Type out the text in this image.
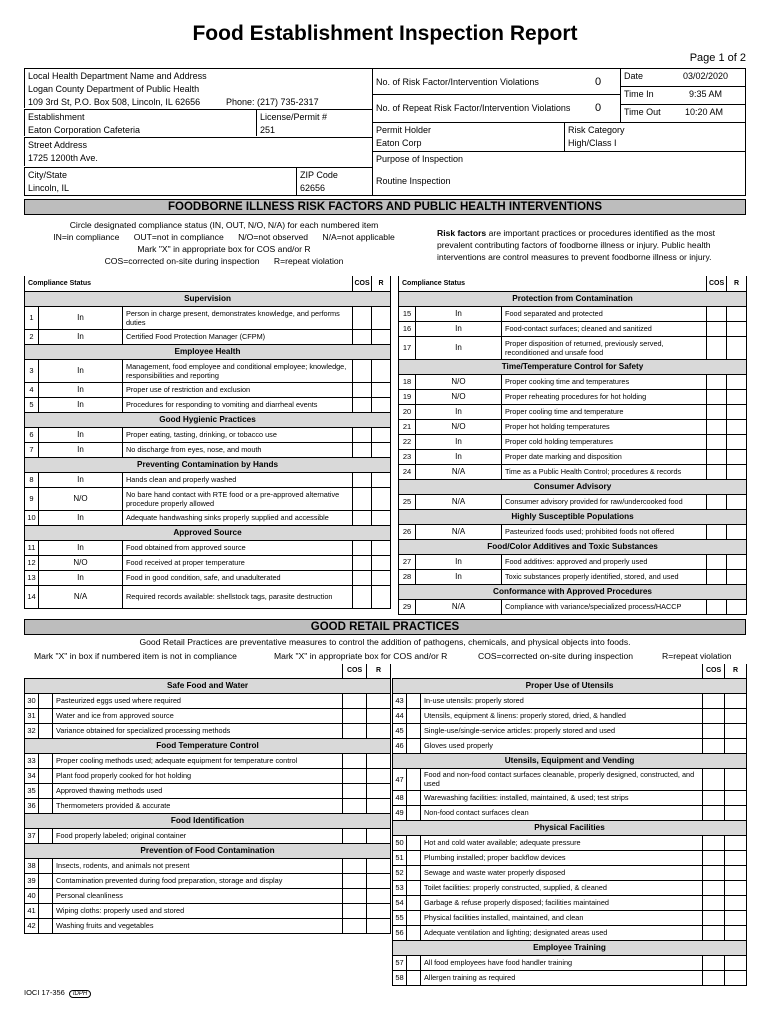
Food Establishment Inspection Report
Page 1 of 2
Local Health Department Name and Address
Logan County Department of Public Health
109 3rd St, P.O. Box 508, Lincoln, IL 62656	Phone: (217) 735-2317
Establishment
Eaton Corporation Cafeteria
License/Permit #
251
Street Address
1725 1200th Ave.
City/State
Lincoln, IL
ZIP Code
62656
No. of Risk Factor/Intervention Violations	0
No. of Repeat Risk Factor/Intervention Violations 0
Date	03/02/2020
Time In	9:35 AM
Time Out	10:20 AM
Permit Holder
Eaton Corp
Risk Category
High/Class I
Purpose of Inspection
Routine Inspection
FOODBORNE ILLNESS RISK FACTORS AND PUBLIC HEALTH INTERVENTIONS
Circle designated compliance status (IN, OUT, N/O, N/A) for each numbered item
IN=in compliance      OUT=not in compliance      N/O=not observed      N/A=not applicable
Mark "X" in appropriate box for COS and/or R
COS=corrected on-site during inspection      R=repeat violation
Risk factors are important practices or procedures identified as the most prevalent contributing factors of foodborne illness or injury. Public health interventions are control measures to prevent foodborne illness or injury.
Compliance Status			COS	R
Supervision				
1	In	Person in charge present, demonstrates knowledge, and performs duties		
2	In	Certified Food Protection Manager (CFPM)		
Employee Health				
3	In	Management, food employee and conditional employee; knowledge, responsibilities and reporting		
4	In	Proper use of restriction and exclusion		
5	In	Procedures for responding to vomiting and diarrheal events		
Good Hygienic Practices				
6	In	Proper eating, tasting, drinking, or tobacco use		
7	In	No discharge from eyes, nose, and mouth		
Preventing Contamination by Hands				
8	In	Hands clean and properly washed		
9	N/O	No bare hand contact with RTE food or a pre-approved alternative procedure properly allowed		
10	In	Adequate handwashing sinks properly supplied and accessible		
Approved Source				
11	In	Food obtained from approved source		
12	N/O	Food received at proper temperature		
13	In	Food in good condition, safe, and unadulterated		
14	N/A	Required records available: shellstock tags, parasite destruction		
Compliance Status			COS	R
Protection from Contamination				
15	In	Food separated and protected		
16	In	Food-contact surfaces; cleaned and sanitized		
17	In	Proper disposition of returned, previously served, reconditioned and unsafe food		
Time/Temperature Control for Safety				
18	N/O	Proper cooking time and temperatures		
19	N/O	Proper reheating procedures for hot holding		
20	In	Proper cooling time and temperature		
21	N/O	Proper hot holding temperatures		
22	In	Proper cold holding temperatures		
23	In	Proper date marking and disposition		
24	N/A	Time as a Public Health Control; procedures & records		
Consumer Advisory				
25	N/A	Consumer advisory provided for raw/undercooked food		
Highly Susceptible Populations				
26	N/A	Pasteurized foods used; prohibited foods not offered		
Food/Color Additives and Toxic Substances				
27	In	Food additives: approved and properly used		
28	In	Toxic substances properly identified, stored, and used		
Conformance with Approved Procedures				
29	N/A	Compliance with variance/specialized process/HACCP		
GOOD RETAIL PRACTICES
Good Retail Practices are preventative measures to control the addition of pathogens, chemicals, and physical objects into foods.
Mark "X" in box if numbered item is not in compliance	Mark "X" in appropriate box for COS and/or R	COS=corrected on-site during inspection	R=repeat violation
			COS	R
Safe Food and Water				
30		Pasteurized eggs used where required		
31		Water and ice from approved source		
32		Variance obtained for specialized processing methods		
Food Temperature Control				
33		Proper cooling methods used; adequate equipment for temperature control		
34		Plant food properly cooked for hot holding		
35		Approved thawing methods used		
36		Thermometers provided & accurate		
Food Identification				
37		Food properly labeled; original container		
Prevention of Food Contamination				
38		Insects, rodents, and animals not present		
39		Contamination prevented during food preparation, storage and display		
40		Personal cleanliness		
41		Wiping cloths: properly used and stored		
42		Washing fruits and vegetables		
			COS	R
Proper Use of Utensils				
43		In-use utensils: properly stored		
44		Utensils, equipment & linens: properly stored, dried, & handled		
45		Single-use/single-service articles: properly stored and used		
46		Gloves used properly		
Utensils, Equipment and Vending				
47		Food and non-food contact surfaces cleanable, properly designed, constructed, and used		
48		Warewashing facilities: installed, maintained, & used; test strips		
49		Non-food contact surfaces clean		
Physical Facilities				
50		Hot and cold water available; adequate pressure		
51		Plumbing installed; proper backflow devices		
52		Sewage and waste water properly disposed		
53		Toilet facilities: properly constructed, supplied, & cleaned		
54		Garbage & refuse properly disposed; facilities maintained		
55		Physical facilities installed, maintained, and clean		
56		Adequate ventilation and lighting; designated areas used		
Employee Training				
57		All food employees have food handler training		
58		Allergen training as required		
IOCI 17-356 IDPH
